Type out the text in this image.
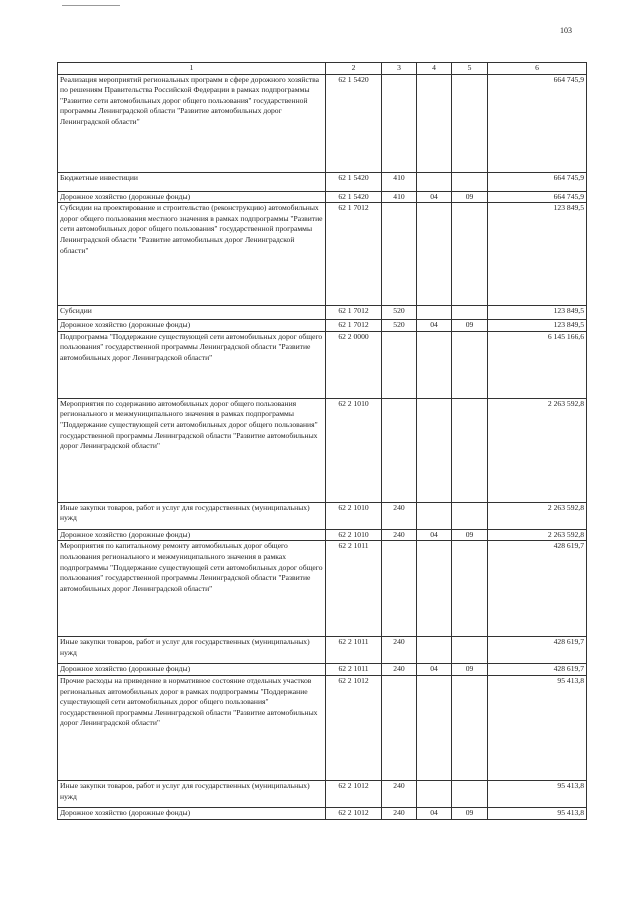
103
1	2	3	4	5	6
Реализация мероприятий региональных программ в сфере дорожного хозяйства по решениям Правительства Российской Федерации в рамках подпрограммы "Развитие сети автомобильных дорог общего пользования" государственной программы Ленинградской области "Развитие автомобильных дорог Ленинградской области"	62 1 5420				664 745,9
Бюджетные инвестиции	62 1 5420	410			664 745,9
Дорожное хозяйство (дорожные фонды)	62 1 5420	410	04	09	664 745,9
Субсидии на проектирование и строительство (реконструкцию) автомобильных дорог общего пользования местного значения в рамках подпрограммы "Развитие сети автомобильных дорог общего пользования" государственной программы Ленинградской области "Развитие автомобильных дорог Ленинградской области"	62 1 7012				123 849,5
Субсидии	62 1 7012	520			123 849,5
Дорожное хозяйство (дорожные фонды)	62 1 7012	520	04	09	123 849,5
Подпрограмма "Поддержание существующей сети автомобильных дорог общего пользования" государственной программы Ленинградской области "Развитие автомобильных дорог Ленинградской области"	62 2 0000				6 145 166,6
Мероприятия по содержанию автомобильных дорог общего пользования регионального и межмуниципального значения в рамках подпрограммы "Поддержание существующей сети автомобильных дорог общего пользования" государственной программы Ленинградской области "Развитие автомобильных дорог Ленинградской области"	62 2 1010				2 263 592,8
Иные закупки товаров, работ и услуг для государственных (муниципальных) нужд	62 2 1010	240			2 263 592,8
Дорожное хозяйство (дорожные фонды)	62 2 1010	240	04	09	2 263 592,8
Мероприятия по капитальному ремонту автомобильных дорог общего пользования регионального и межмуниципального значения в рамках подпрограммы "Поддержание существующей сети автомобильных дорог общего пользования" государственной программы Ленинградской области "Развитие автомобильных дорог Ленинградской области"	62 2 1011				428 619,7
Иные закупки товаров, работ и услуг для государственных (муниципальных) нужд	62 2 1011	240			428 619,7
Дорожное хозяйство (дорожные фонды)	62 2 1011	240	04	09	428 619,7
Прочие расходы на приведение в нормативное состояние отдельных участков региональных автомобильных дорог в рамках подпрограммы "Поддержание существующей сети автомобильных дорог общего пользования" государственной программы Ленинградской области "Развитие автомобильных дорог Ленинградской области"	62 2 1012				95 413,8
Иные закупки товаров, работ и услуг для государственных (муниципальных) нужд	62 2 1012	240			95 413,8
Дорожное хозяйство (дорожные фонды)	62 2 1012	240	04	09	95 413,8
